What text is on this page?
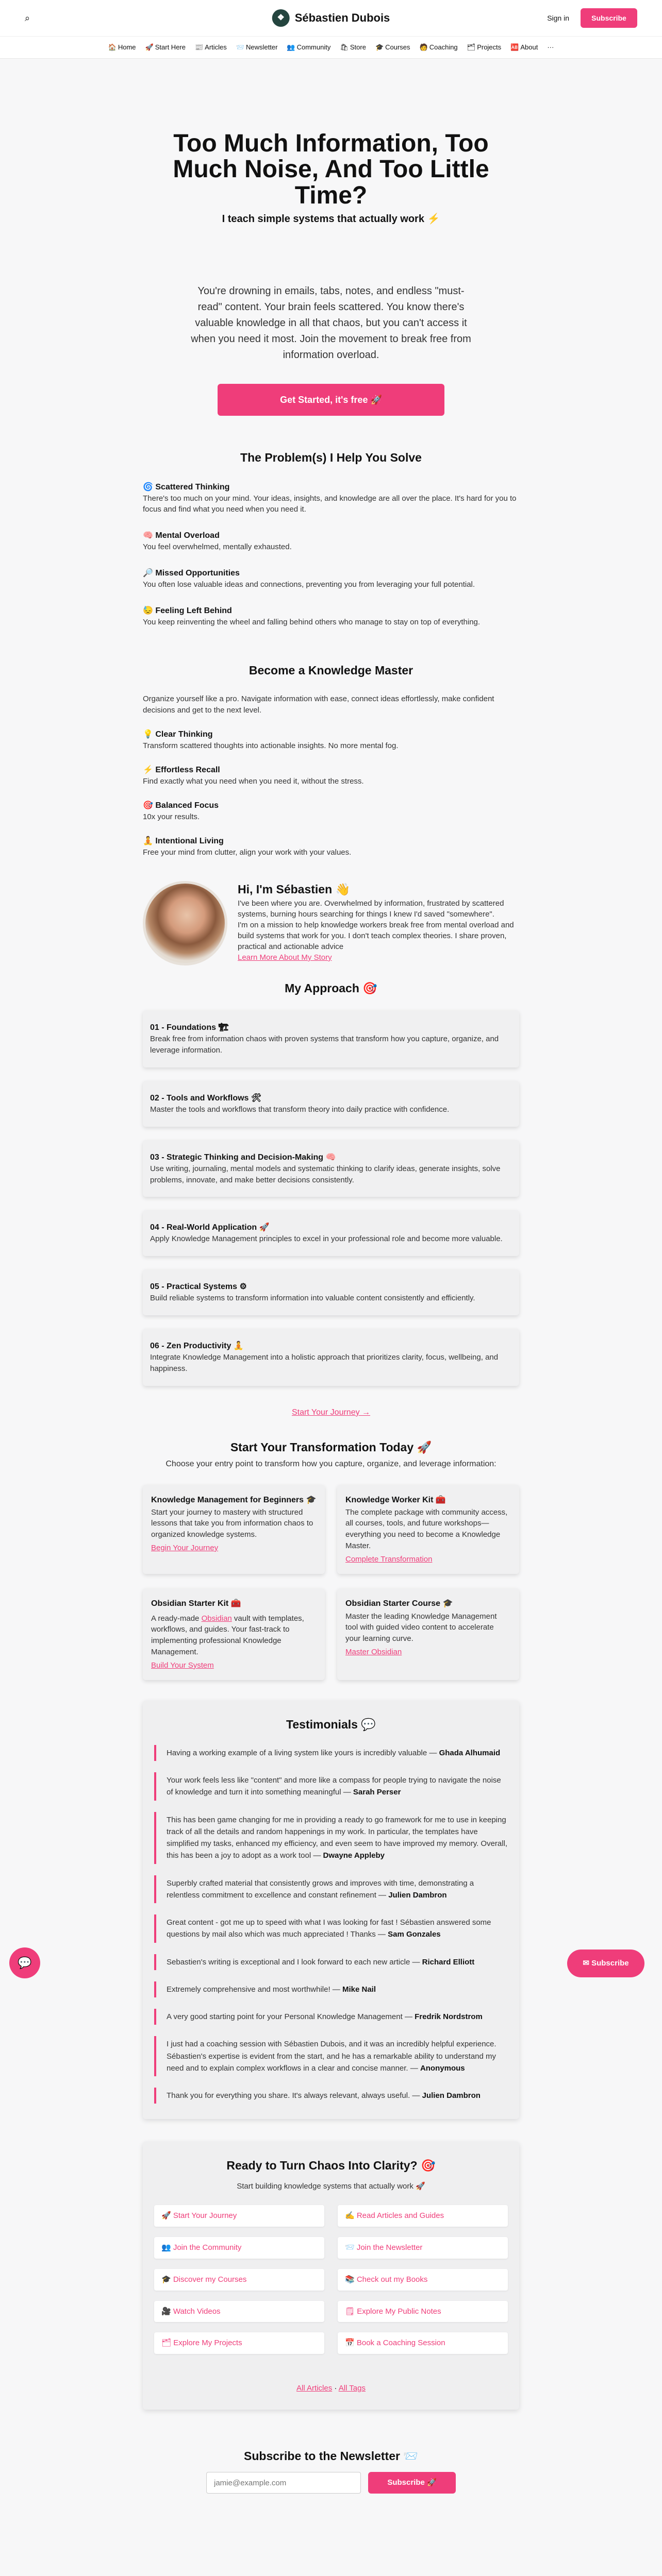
⌕	❖ Sébastien Dubois	Sign in	Subscribe
🏠 Home 🚀 Start Here 📰 Articles 📨 Newsletter 👥 Community 🛍 Store 🎓 Courses 🧑 Coaching 🗂 Projects 🆎 About ···
Too Much Information, Too Much Noise, And Too Little Time?
I teach simple systems that actually work ⚡

You're drowning in emails, tabs, notes, and endless "must-read" content. Your brain feels scattered. You know there's valuable knowledge in all that chaos, but you can't access it when you need it most. Join the movement to break free from information overload.

Get Started, it's free 🚀
The Problem(s) I Help You Solve
🌀 Scattered Thinking

There's too much on your mind. Your ideas, insights, and knowledge are all over the place. It's hard for you to focus and find what you need when you need it.

🧠 Mental Overload

You feel overwhelmed, mentally exhausted.

🔎 Missed Opportunities

You often lose valuable ideas and connections, preventing you from leveraging your full potential.

😓 Feeling Left Behind

You keep reinventing the wheel and falling behind others who manage to stay on top of everything.

Become a Knowledge Master

Organize yourself like a pro. Navigate information with ease, connect ideas effortlessly, make confident decisions and get to the next level.

💡 Clear Thinking

Transform scattered thoughts into actionable insights. No more mental fog.

⚡ Effortless Recall

Find exactly what you need when you need it, without the stress.

🎯 Balanced Focus

10x your results.

🧘 Intentional Living

Free your mind from clutter, align your work with your values.

Hi, I'm Sébastien 👋

I've been where you are. Overwhelmed by information, frustrated by scattered systems, burning hours searching for things I knew I'd saved "somewhere".

I'm on a mission to help knowledge workers break free from mental overload and build systems that work for you. I don't teach complex theories. I share proven, practical and actionable advice

Learn More About My Story
My Approach 🎯
01 - Foundations 🏗

Break free from information chaos with proven systems that transform how you capture, organize, and leverage information.

02 - Tools and Workflows 🛠

Master the tools and workflows that transform theory into daily practice with confidence.

03 - Strategic Thinking and Decision-Making 🧠

Use writing, journaling, mental models and systematic thinking to clarify ideas, generate insights, solve problems, innovate, and make better decisions consistently.

04 - Real-World Application 🚀

Apply Knowledge Management principles to excel in your professional role and become more valuable.

05 - Practical Systems ⚙

Build reliable systems to transform information into valuable content consistently and efficiently.

06 - Zen Productivity 🧘

Integrate Knowledge Management into a holistic approach that prioritizes clarity, focus, wellbeing, and happiness.

Start Your Journey →
Start Your Transformation Today 🚀

Choose your entry point to transform how you capture, organize, and leverage information:

Knowledge Management for Beginners 🎓

Start your journey to mastery with structured lessons that take you from information chaos to organized knowledge systems.

Begin Your Journey
Knowledge Worker Kit 🧰

The complete package with community access, all courses, tools, and future workshops—everything you need to become a Knowledge Master.

Complete Transformation
Obsidian Starter Kit 🧰

A ready-made Obsidian vault with templates, workflows, and guides. Your fast-track to implementing professional Knowledge Management.

Build Your System
Obsidian Starter Course 🎓

Master the leading Knowledge Management tool with guided video content to accelerate your learning curve.

Master Obsidian
Testimonials 💬
Having a working example of a living system like yours is incredibly valuable — Ghada Alhumaid
Your work feels less like "content" and more like a compass for people trying to navigate the noise of knowledge and turn it into something meaningful — Sarah Perser
This has been game changing for me in providing a ready to go framework for me to use in keeping track of all the details and random happenings in my work. In particular, the templates have simplified my tasks, enhanced my efficiency, and even seem to have improved my memory. Overall, this has been a joy to adopt as a work tool — Dwayne Appleby
Superbly crafted material that consistently grows and improves with time, demonstrating a relentless commitment to excellence and constant refinement — Julien Dambron
Great content - got me up to speed with what I was looking for fast ! Sébastien answered some questions by mail also which was much appreciated ! Thanks — Sam Gonzales
Sebastien's writing is exceptional and I look forward to each new article — Richard Elliott
Extremely comprehensive and most worthwhile! — Mike Nail
A very good starting point for your Personal Knowledge Management — Fredrik Nordstrom
I just had a coaching session with Sébastien Dubois, and it was an incredibly helpful experience. Sébastien's expertise is evident from the start, and he has a remarkable ability to understand my need and to explain complex workflows in a clear and concise manner. — Anonymous
Thank you for everything you share. It's always relevant, always useful. — Julien Dambron
Ready to Turn Chaos Into Clarity? 🎯

Start building knowledge systems that actually work 🚀

🚀 Start Your Journey	✍ Read Articles and Guides
👥 Join the Community	📨 Join the Newsletter
🎓 Discover my Courses	📚 Check out my Books
🎥 Watch Videos	🗒 Explore My Public Notes
🗂 Explore My Projects	📅 Book a Coaching Session
All Articles · All Tags
Subscribe to the Newsletter 📨
jamie@example.com
Subscribe 🚀

💬	✉ Subscribe
